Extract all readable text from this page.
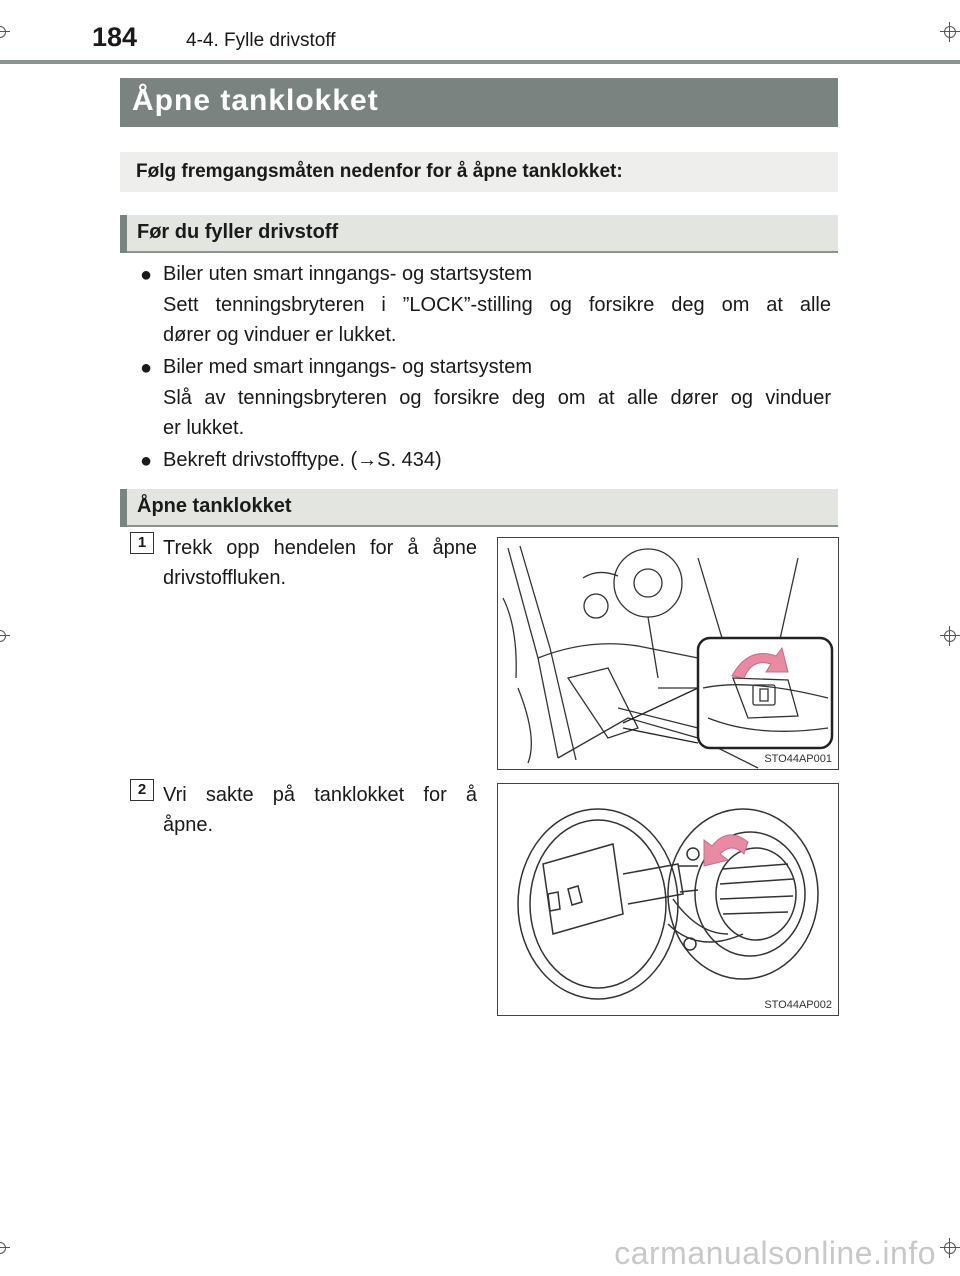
184	4-4. Fylle drivstoff
Åpne tanklokket
Følg fremgangsmåten nedenfor for å åpne tanklokket:
Før du fyller drivstoff
● Biler uten smart inngangs- og startsystem
Sett tenningsbryteren i ”LOCK”-stilling og forsikre deg om at alle
dører og vinduer er lukket.
● Biler med smart inngangs- og startsystem
Slå av tenningsbryteren og forsikre deg om at alle dører og vinduer
er lukket.
● Bekreft drivstofftype. (→S. 434)
Åpne tanklokket
1 Trekk opp hendelen for å åpne
drivstoffluken.
STO44AP001
2 Vri sakte på tanklokket for å
åpne.
STO44AP002
carmanualsonline.info
